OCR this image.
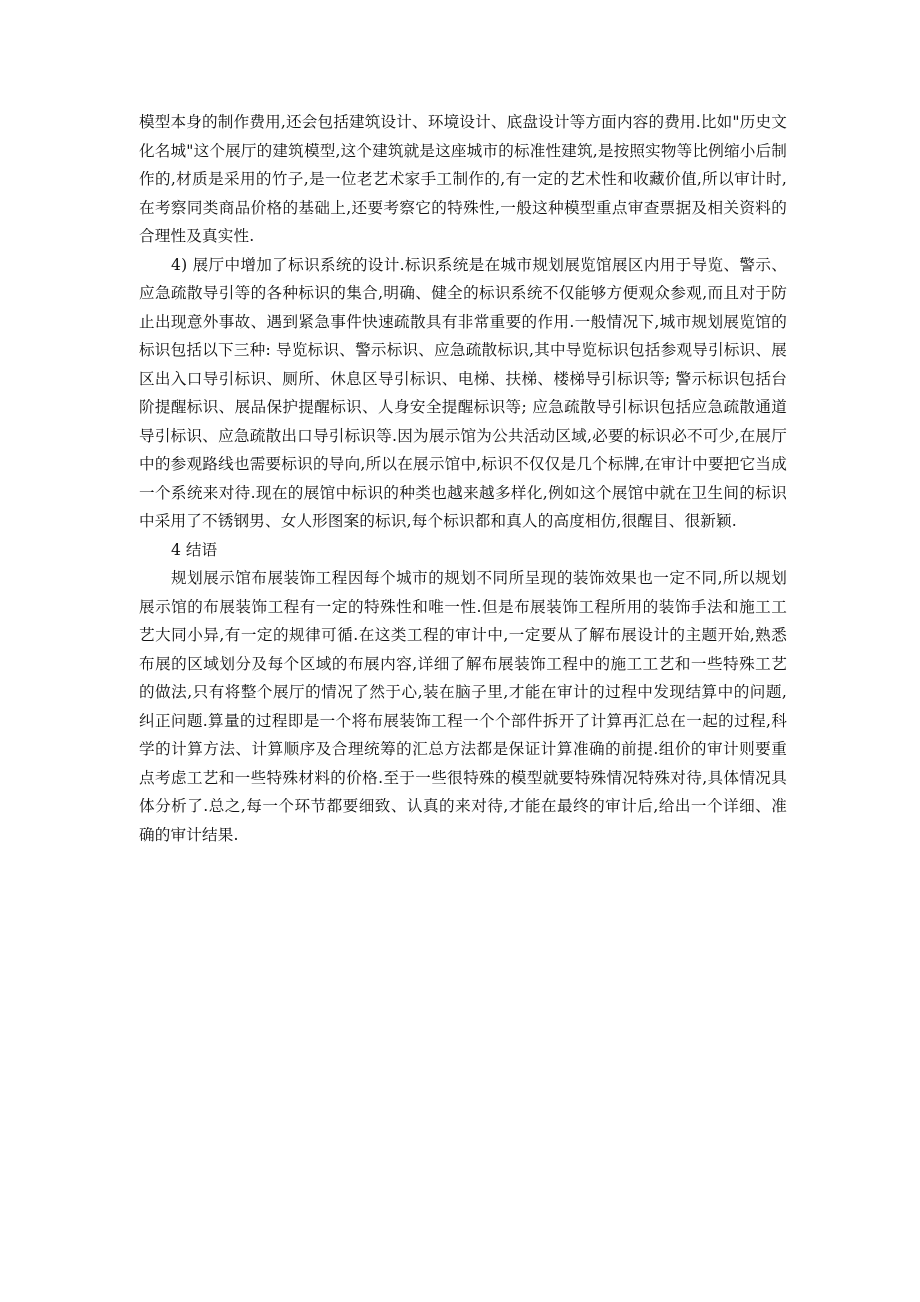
模型本身的制作费用,还会包括建筑设计、环境设计、底盘设计等方面内容的费用.比如"历史文化名城"这个展厅的建筑模型,这个建筑就是这座城市的标准性建筑,是按照实物等比例缩小后制作的,材质是采用的竹子,是一位老艺术家手工制作的,有一定的艺术性和收藏价值,所以审计时,在考察同类商品价格的基础上,还要考察它的特殊性,一般这种模型重点审查票据及相关资料的合理性及真实性.

4) 展厅中增加了标识系统的设计.标识系统是在城市规划展览馆展区内用于导览、警示、应急疏散导引等的各种标识的集合,明确、健全的标识系统不仅能够方便观众参观,而且对于防止出现意外事故、遇到紧急事件快速疏散具有非常重要的作用.一般情况下,城市规划展览馆的标识包括以下三种: 导览标识、警示标识、应急疏散标识,其中导览标识包括参观导引标识、展区出入口导引标识、厕所、休息区导引标识、电梯、扶梯、楼梯导引标识等; 警示标识包括台阶提醒标识、展品保护提醒标识、人身安全提醒标识等; 应急疏散导引标识包括应急疏散通道导引标识、应急疏散出口导引标识等.因为展示馆为公共活动区域,必要的标识必不可少,在展厅中的参观路线也需要标识的导向,所以在展示馆中,标识不仅仅是几个标牌,在审计中要把它当成一个系统来对待.现在的展馆中标识的种类也越来越多样化,例如这个展馆中就在卫生间的标识中采用了不锈钢男、女人形图案的标识,每个标识都和真人的高度相仿,很醒目、很新颖.

4 结语

规划展示馆布展装饰工程因每个城市的规划不同所呈现的装饰效果也一定不同,所以规划展示馆的布展装饰工程有一定的特殊性和唯一性.但是布展装饰工程所用的装饰手法和施工工艺大同小异,有一定的规律可循.在这类工程的审计中,一定要从了解布展设计的主题开始,熟悉布展的区域划分及每个区域的布展内容,详细了解布展装饰工程中的施工工艺和一些特殊工艺的做法,只有将整个展厅的情况了然于心,装在脑子里,才能在审计的过程中发现结算中的问题,纠正问题.算量的过程即是一个将布展装饰工程一个个部件拆开了计算再汇总在一起的过程,科学的计算方法、计算顺序及合理统筹的汇总方法都是保证计算准确的前提.组价的审计则要重点考虑工艺和一些特殊材料的价格.至于一些很特殊的模型就要特殊情况特殊对待,具体情况具体分析了.总之,每一个环节都要细致、认真的来对待,才能在最终的审计后,给出一个详细、准确的审计结果.
